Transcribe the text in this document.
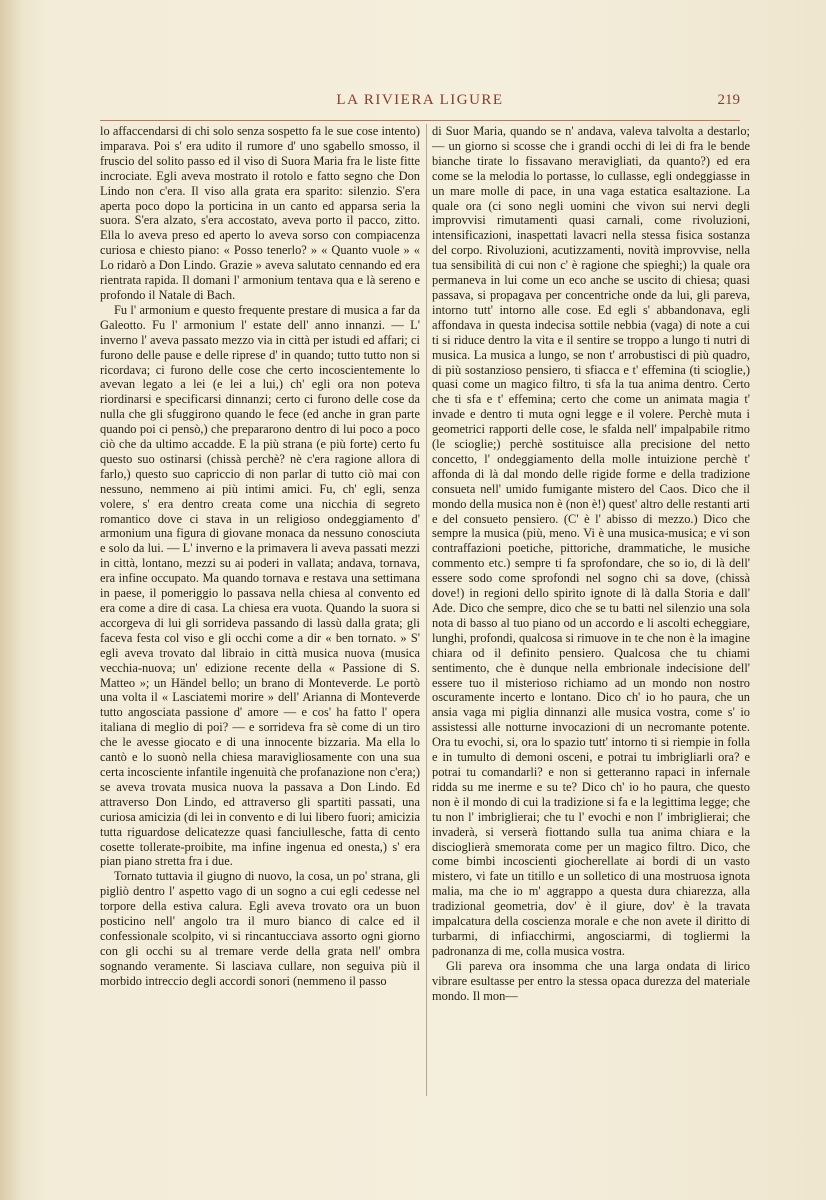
LA RIVIERA LIGURE	219

lo affaccendarsi di chi solo senza sospetto fa le sue cose intento) imparava. Poi s' era udito il rumore d' uno sgabello smosso, il fruscio del solito passo ed il viso di Suora Maria fra le liste fitte incrociate. Egli aveva mostrato il rotolo e fatto segno che Don Lindo non c'era. Il viso alla grata era sparito: silenzio. S'era aperta poco dopo la porticina in un canto ed apparsa seria la suora. S'era alzato, s'era accostato, aveva porto il pacco, zitto. Ella lo aveva preso ed aperto lo aveva sorso con compiacenza curiosa e chiesto piano: « Posso tenerlo? » « Quanto vuole » « Lo ridarò a Don Lindo. Grazie » aveva salutato cennando ed era rientrata rapida. Il domani l' armonium tentava qua e là sereno e profondo il Natale di Bach.

Fu l' armonium e questo frequente prestare di musica a far da Galeotto. Fu l' armonium l' estate dell' anno innanzi. — L' inverno l' aveva passato mezzo via in città per istudi ed affari; ci furono delle pause e delle riprese d' in quando; tutto tutto non si ricordava; ci furono delle cose che certo incoscientemente lo avevan legato a lei (e lei a lui,) ch' egli ora non poteva riordinarsi e specificarsi dinnanzi; certo ci furono delle cose da nulla che gli sfuggirono quando le fece (ed anche in gran parte quando poi ci pensò,) che prepararono dentro di lui poco a poco ciò che da ultimo accadde. E la più strana (e più forte) certo fu questo suo ostinarsi (chissà perchè? nè c'era ragione allora di farlo,) questo suo capriccio di non parlar di tutto ciò mai con nessuno, nemmeno ai più intimi amici. Fu, ch' egli, senza volere, s' era dentro creata come una nicchia di segreto romantico dove ci stava in un religioso ondeggiamento d' armonium una figura di giovane monaca da nessuno conosciuta e solo da lui. — L' inverno e la primavera li aveva passati mezzi in città, lontano, mezzi su ai poderi in vallata; andava, tornava, era infine occupato. Ma quando tornava e restava una settimana in paese, il pomeriggio lo passava nella chiesa al convento ed era come a dire di casa. La chiesa era vuota. Quando la suora si accorgeva di lui gli sorrideva passando di lassù dalla grata; gli faceva festa col viso e gli occhi come a dir « ben tornato. » S' egli aveva trovato dal libraio in città musica nuova (musica vecchia-nuova; un' edizione recente della « Passione di S. Matteo »; un Händel bello; un brano di Monteverde. Le portò una volta il « Lasciatemi morire » dell' Arianna di Monteverde tutto angosciata passione d' amore — e cos' ha fatto l' opera italiana di meglio di poi? — e sorrideva fra sè come di un tiro che le avesse giocato e di una innocente bizzaria. Ma ella lo cantò e lo suonò nella chiesa maravigliosamente con una sua certa incosciente infantile ingenuità che profanazione non c'era;) se aveva trovata musica nuova la passava a Don Lindo. Ed attraverso Don Lindo, ed attraverso gli spartiti passati, una curiosa amicizia (di lei in convento e di lui libero fuori; amicizia tutta riguardose delicatezze quasi fanciullesche, fatta di cento cosette tollerate-proibite, ma infine ingenua ed onesta,) s' era pian piano stretta fra i due.

Tornato tuttavia il giugno di nuovo, la cosa, un po' strana, gli pigliò dentro l' aspetto vago di un sogno a cui egli cedesse nel torpore della estiva calura. Egli aveva trovato ora un buon posticino nell' angolo tra il muro bianco di calce ed il confessionale scolpito, vi si rincantucciava assorto ogni giorno con gli occhi su al tremare verde della grata nell' ombra sognando veramente. Si lasciava cullare, non seguiva più il morbido intreccio degli accordi sonori (nemmeno il passo

di Suor Maria, quando se n' andava, valeva talvolta a destarlo; — un giorno si scosse che i grandi occhi di lei di fra le bende bianche tirate lo fissavano meravigliati, da quanto?) ed era come se la melodia lo portasse, lo cullasse, egli ondeggiasse in un mare molle di pace, in una vaga estatica esaltazione. La quale ora (ci sono negli uomini che vivon sui nervi degli improvvisi rimutamenti quasi carnali, come rivoluzioni, intensificazioni, inaspettati lavacri nella stessa fisica sostanza del corpo. Rivoluzioni, acutizzamenti, novità improvvise, nella tua sensibilità di cui non c' è ragione che spieghi;) la quale ora permaneva in lui come un eco anche se uscito di chiesa; quasi passava, si propagava per concentriche onde da lui, gli pareva, intorno tutt' intorno alle cose. Ed egli s' abbandonava, egli affondava in questa indecisa sottile nebbia (vaga) di note a cui ti si riduce dentro la vita e il sentire se troppo a lungo ti nutri di musica. La musica a lungo, se non t' arrobustisci di più quadro, di più sostanzioso pensiero, ti sfiacca e t' effemina (ti scioglie,) quasi come un magico filtro, ti sfa la tua anima dentro. Certo che ti sfa e t' effemina; certo che come un animata magia t' invade e dentro ti muta ogni legge e il volere. Perchè muta i geometrici rapporti delle cose, le sfalda nell' impalpabile ritmo (le scioglie;) perchè sostituisce alla precisione del netto concetto, l' ondeggiamento della molle intuizione perchè t' affonda di là dal mondo delle rigide forme e della tradizione consueta nell' umido fumigante mistero del Caos. Dico che il mondo della musica non è (non è!) quest' altro delle restanti arti e del consueto pensiero. (C' è l' abisso di mezzo.) Dico che sempre la musica (più, meno. Vi è una musica-musica; e vi son contraffazioni poetiche, pittoriche, drammatiche, le musiche commento etc.) sempre ti fa sprofondare, che so io, di là dell' essere sodo come sprofondi nel sogno chi sa dove, (chissà dove!) in regioni dello spirito ignote di là dalla Storia e dall' Ade. Dico che sempre, dico che se tu batti nel silenzio una sola nota di basso al tuo piano od un accordo e li ascolti echeggiare, lunghi, profondi, qualcosa si rimuove in te che non è la imagine chiara od il definito pensiero. Qualcosa che tu chiami sentimento, che è dunque nella embrionale indecisione dell' essere tuo il misterioso richiamo ad un mondo non nostro oscuramente incerto e lontano. Dico ch' io ho paura, che un ansia vaga mi piglia dinnanzi alle musica vostra, come s' io assistessi alle notturne invocazioni di un necromante potente. Ora tu evochi, si, ora lo spazio tutt' intorno ti si riempie in folla e in tumulto di demoni osceni, e potrai tu imbrigliarli ora? e potrai tu comandarli? e non si getteranno rapaci in infernale ridda su me inerme e su te? Dico ch' io ho paura, che questo non è il mondo di cui la tradizione si fa e la legittima legge; che tu non l' imbriglierai; che tu l' evochi e non l' imbriglierai; che invaderà, si verserà fiottando sulla tua anima chiara e la discioglierà smemorata come per un magico filtro. Dico, che come bimbi incoscienti giocherellate ai bordi di un vasto mistero, vi fate un titillo e un solletico di una mostruosa ignota malia, ma che io m' aggrappo a questa dura chiarezza, alla tradizional geometria, dov' è il giure, dov' è la travata impalcatura della coscienza morale e che non avete il diritto di turbarmi, di infiacchirmi, angosciarmi, di togliermi la padronanza di me, colla musica vostra.

Gli pareva ora insomma che una larga ondata di lirico vibrare esultasse per entro la stessa opaca durezza del materiale mondo. Il mon—
